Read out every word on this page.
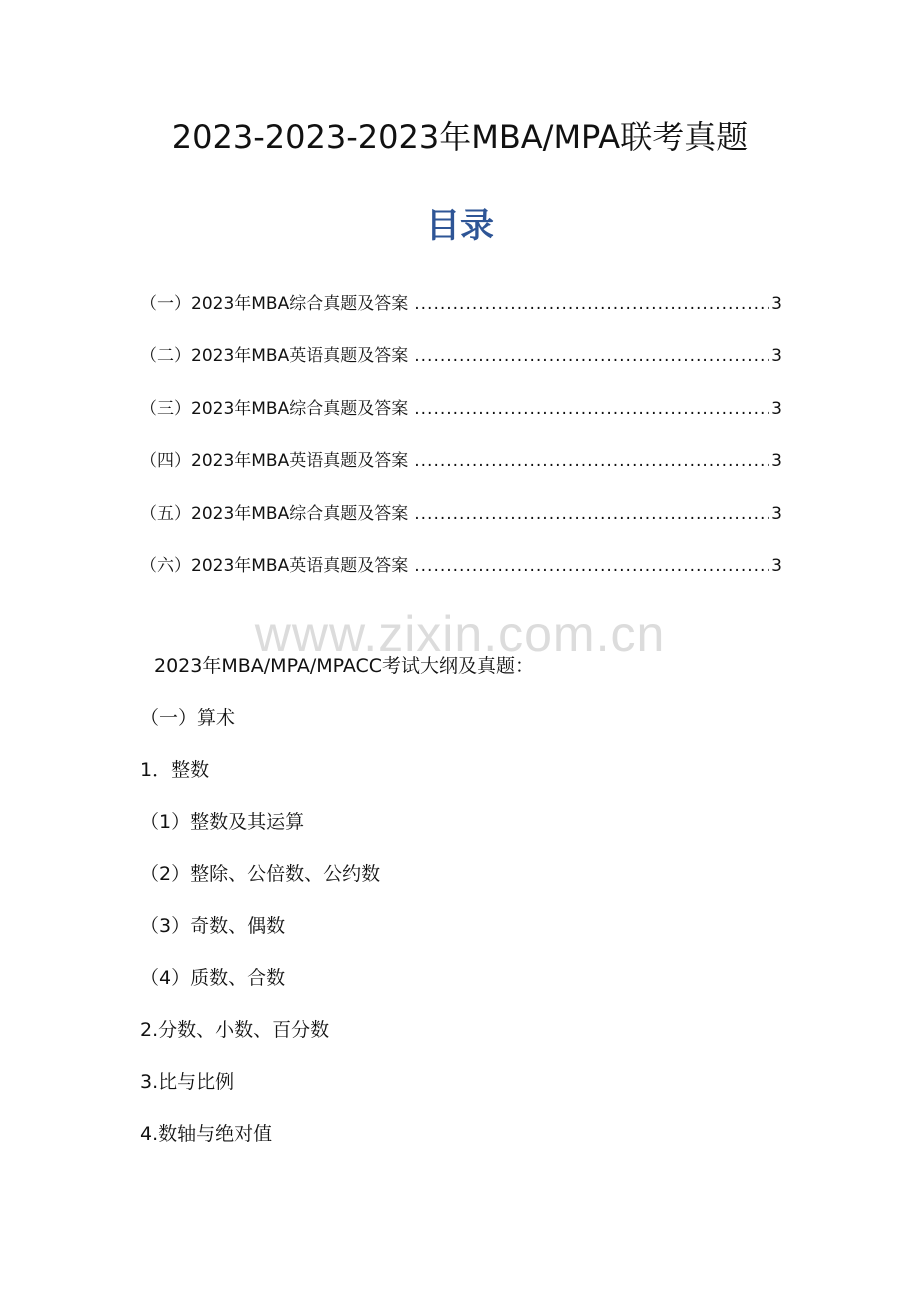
2023-2023-2023年MBA/MPA联考真题
目录
（一）2023年MBA综合真题及答案 .....	3
（二）2023年MBA英语真题及答案 .....	3
（三）2023年MBA综合真题及答案 .....	3
（四）2023年MBA英语真题及答案 .....	3
（五）2023年MBA综合真题及答案 .....	3
（六）2023年MBA英语真题及答案 .....	3
www.zixin.com.cn
2023年MBA/MPA/MPACC考试大纲及真题：
（一）算术
1．整数
（1）整数及其运算
（2）整除、公倍数、公约数
（3）奇数、偶数
（4）质数、合数
2.分数、小数、百分数
3.比与比例
4.数轴与绝对值
